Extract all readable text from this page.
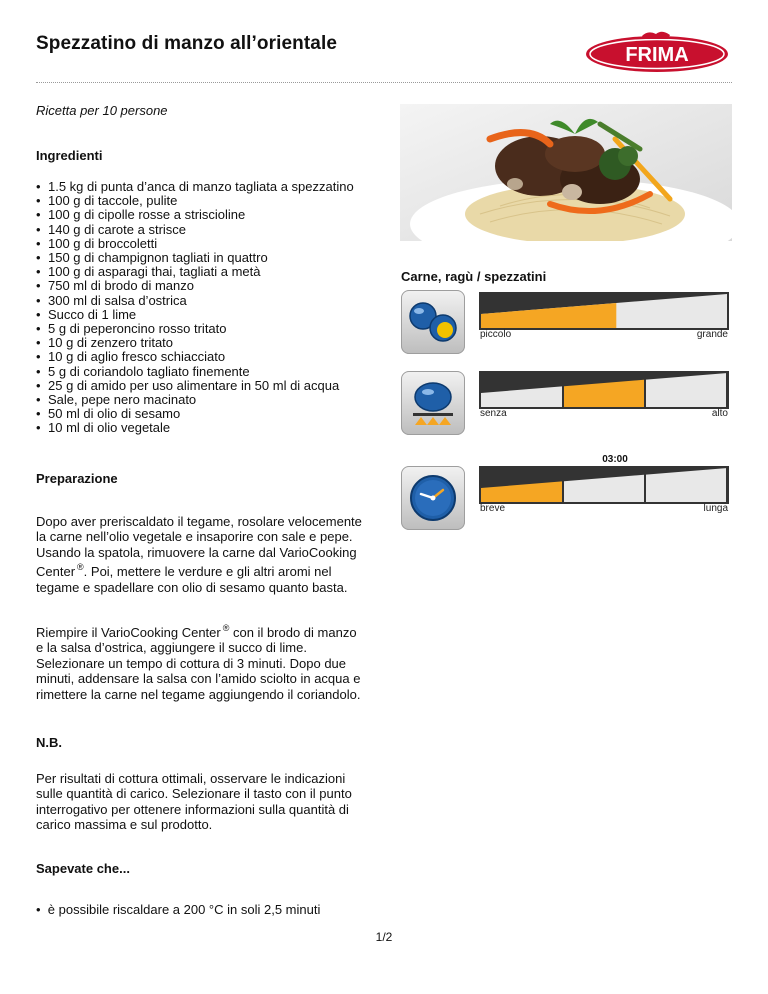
Spezzatino di manzo all’orientale
FRIMA
Ricetta per 10 persone
Ingredienti
• 1.5 kg di punta d’anca di manzo tagliata a spezzatino
• 100 g di taccole, pulite
• 100 g di cipolle rosse a striscioline
• 140 g di carote a strisce
• 100 g di broccoletti
• 150 g di champignon tagliati in quattro
• 100 g di asparagi thai, tagliati a metà
• 750 ml di brodo di manzo
• 300 ml di salsa d’ostrica
• Succo di 1 lime
• 5 g di peperoncino rosso tritato
• 10 g di zenzero tritato
• 10 g di aglio fresco schiacciato
• 5 g di coriandolo tagliato finemente
• 25 g di amido per uso alimentare in 50 ml di acqua
• Sale, pepe nero macinato
• 50 ml di olio di sesamo
• 10 ml di olio vegetale
Preparazione
Dopo aver preriscaldato il tegame, rosolare velocemente la carne nell’olio vegetale e insaporire con sale e pepe. Usando la spatola, rimuovere la carne dal VarioCooking Center ®. Poi, mettere le verdure e gli altri aromi nel tegame e spadellare con olio di sesamo quanto basta.
Riempire il VarioCooking Center ® con il brodo di manzo e la salsa d’ostrica, aggiungere il succo di lime. Selezionare un tempo di cottura di 3 minuti. Dopo due minuti, addensare la salsa con l’amido sciolto in acqua e rimettere la carne nel tegame aggiungendo il coriandolo.
N.B.
Per risultati di cottura ottimali, osservare le indicazioni sulle quantità di carico. Selezionare il tasto con il punto interrogativo per ottenere informazioni sulla quantità di carico massima e sul prodotto.
Sapevate che...
•  è possibile riscaldare a 200 °C in soli 2,5 minuti
Carne, ragù / spezzatini
piccolo	grande
senza	alto
03:00
breve	lunga
1/2
